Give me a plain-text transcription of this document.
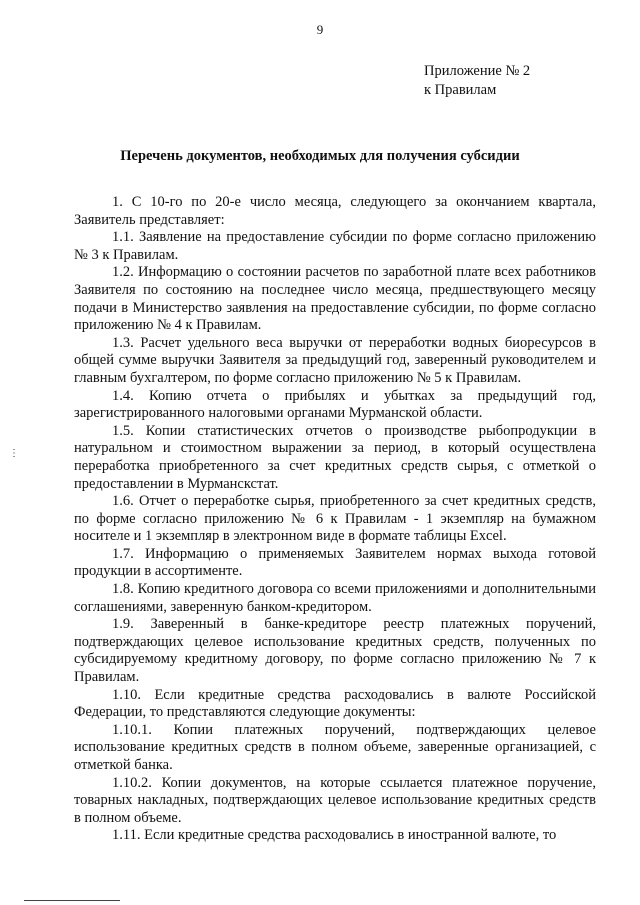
9
Приложение № 2
к Правилам
Перечень документов, необходимых для получения субсидии

1. С 10-го по 20-е число месяца, следующего за окончанием квартала, Заявитель представляет:

1.1. Заявление на предоставление субсидии по форме согласно приложению № 3 к Правилам.

1.2. Информацию о состоянии расчетов по заработной плате всех работников Заявителя по состоянию на последнее число месяца, предшествующего месяцу подачи в Министерство заявления на предоставление субсидии, по форме согласно приложению № 4 к Правилам.

1.3. Расчет удельного веса выручки от переработки водных биоресурсов в общей сумме выручки Заявителя за предыдущий год, заверенный руководителем и главным бухгалтером, по форме согласно приложению № 5 к Правилам.

1.4. Копию отчета о прибылях и убытках за предыдущий год, зарегистрированного налоговыми органами Мурманской области.

1.5. Копии статистических отчетов о производстве рыбопродукции в натуральном и стоимостном выражении за период, в который осуществлена переработка приобретенного за счет кредитных средств сырья, с отметкой о предоставлении в Мурманскстат.

1.6. Отчет о переработке сырья, приобретенного за счет кредитных средств, по форме согласно приложению № 6 к Правилам - 1 экземпляр на бумажном носителе и 1 экземпляр в электронном виде в формате таблицы Excel.

1.7. Информацию о применяемых Заявителем нормах выхода готовой продукции в ассортименте.

1.8. Копию кредитного договора со всеми приложениями и дополнительными соглашениями, заверенную банком-кредитором.

1.9. Заверенный в банке-кредиторе реестр платежных поручений, подтверждающих целевое использование кредитных средств, полученных по субсидируемому кредитному договору, по форме согласно приложению № 7 к Правилам.

1.10. Если кредитные средства расходовались в валюте Российской Федерации, то представляются следующие документы:

1.10.1. Копии платежных поручений, подтверждающих целевое использование кредитных средств в полном объеме, заверенные организацией, с отметкой банка.

1.10.2. Копии документов, на которые ссылается платежное поручение, товарных накладных, подтверждающих целевое использование кредитных средств в полном объеме.

1.11. Если кредитные средства расходовались в иностранной валюте, то

⋮
